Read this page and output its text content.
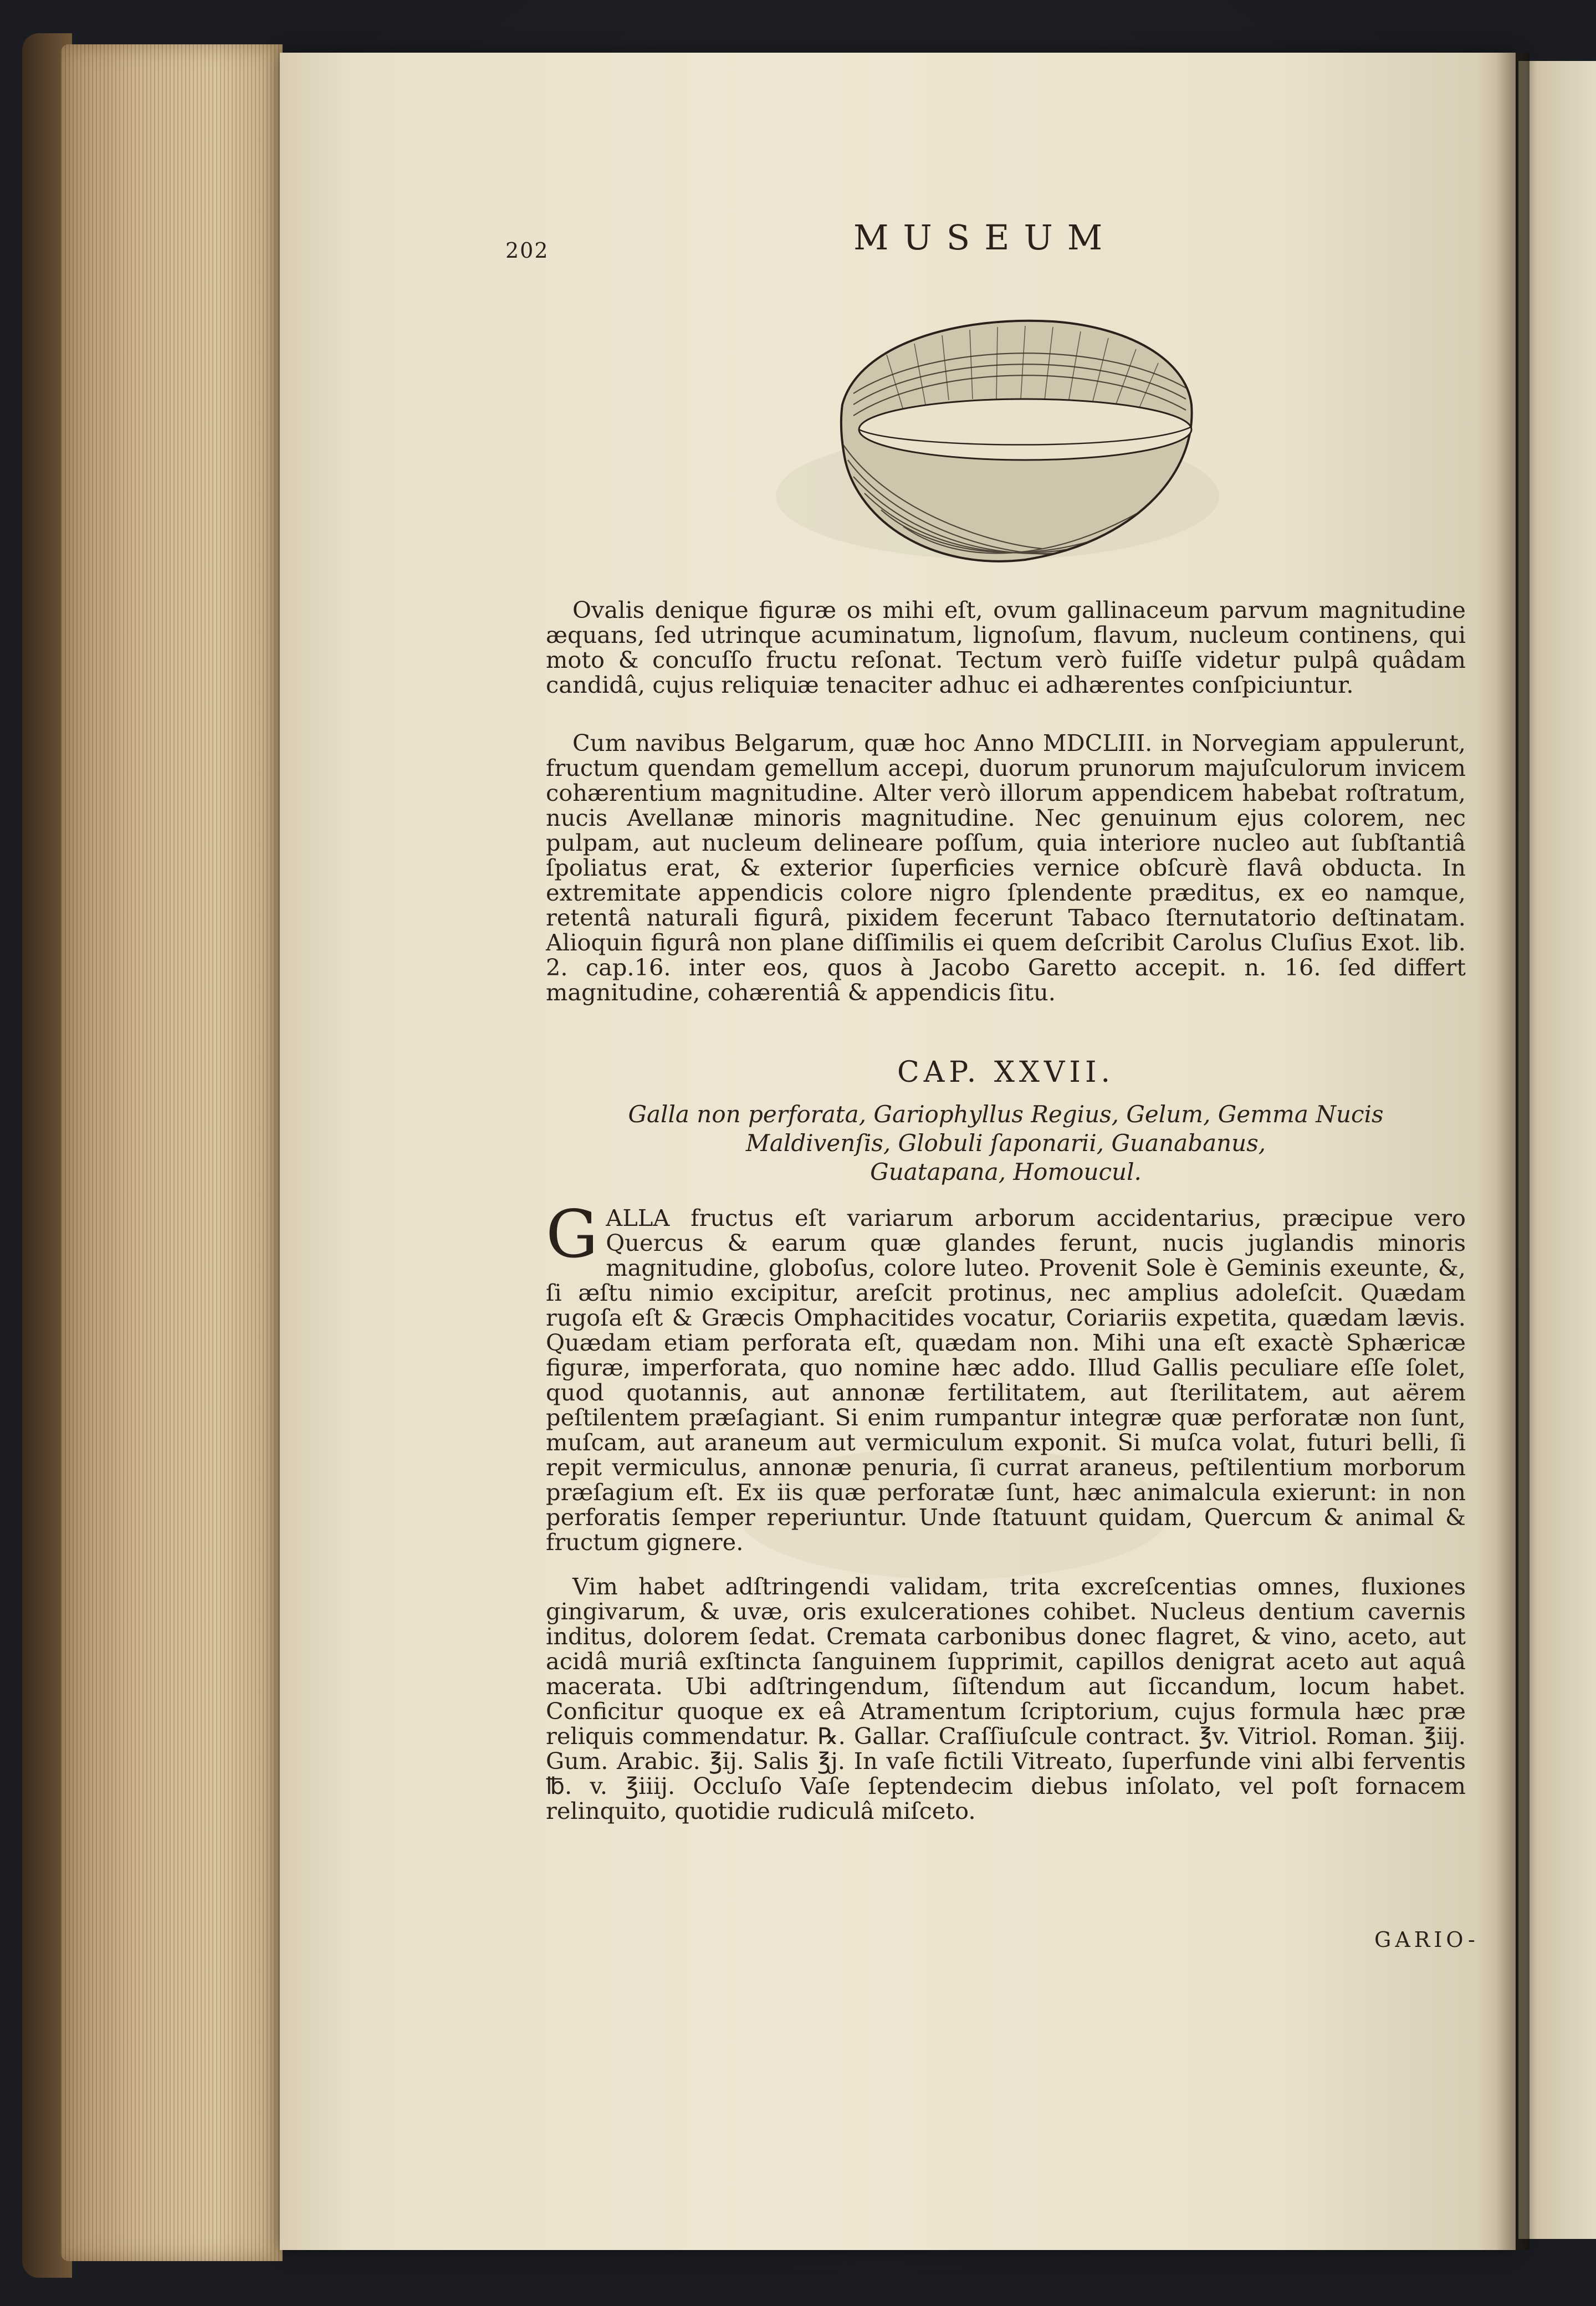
202	MUSEUM

Ovalis denique figuræ os mihi eſt, ovum gallinaceum parvum magnitudine æquans, ſed utrinque acuminatum, lignoſum, flavum, nucleum continens, qui moto & concuſſo fructu reſonat. Tectum verò fuiſſe videtur pulpâ quâdam candidâ, cujus reliquiæ tenaciter adhuc ei adhærentes conſpiciuntur.

Cum navibus Belgarum, quæ hoc Anno MDCLIII. in Norvegiam appulerunt, fructum quendam gemellum accepi, duorum prunorum majuſculorum invicem cohærentium magnitudine. Alter verò illorum appendicem habebat roſtratum, nucis Avellanæ minoris magnitudine. Nec genuinum ejus colorem, nec pulpam, aut nucleum delineare poſſum, quia interiore nucleo aut ſubſtantiâ ſpoliatus erat, & exterior ſuperficies vernice obſcurè flavâ obducta. In extremitate appendicis colore nigro ſplendente præditus, ex eo namque, retentâ naturali figurâ, pixidem fecerunt Tabaco ſternutatorio deſtinatam. Alioquin figurâ non plane diſſimilis ei quem deſcribit Carolus Cluſius Exot. lib. 2. cap.16. inter eos, quos à Jacobo Garetto accepit. n. 16. ſed differt magnitudine, cohærentiâ & appendicis ſitu.

CAP. XXVII.
Galla non perforata, Gariophyllus Regius, Gelum, Gemma Nucis
Maldivenſis, Globuli ſaponarii, Guanabanus,
Guatapana, Homoucul.
GALLA fructus eſt variarum arborum accidentarius, præcipue vero Quercus & earum quæ glandes ferunt, nucis juglandis minoris magnitudine, globoſus, colore luteo. Provenit Sole è Geminis exeunte, &, ſi æſtu nimio excipitur, areſcit protinus, nec amplius adoleſcit. Quædam rugoſa eſt & Græcis Omphacitides vocatur, Coriariis expetita, quædam lævis. Quædam etiam perforata eſt, quædam non. Mihi una eſt exactè Sphæricæ figuræ, imperforata, quo nomine hæc addo. Illud Gallis peculiare eſſe ſolet, quod quotannis, aut annonæ fertilitatem, aut ſterilitatem, aut aërem peſtilentem præſagiant. Si enim rumpantur integræ quæ perforatæ non ſunt, muſcam, aut araneum aut vermiculum exponit. Si muſca volat, futuri belli, ſi repit vermiculus, annonæ penuria, ſi currat araneus, peſtilentium morborum præſagium eſt. Ex iis quæ perforatæ ſunt, hæc animalcula exierunt: in non perforatis ſemper reperiuntur. Unde ſtatuunt quidam, Quercum & animal & fructum gignere.

Vim habet adſtringendi validam, trita excreſcentias omnes, fluxiones gingivarum, & uvæ, oris exulcerationes cohibet. Nucleus dentium cavernis inditus, dolorem ſedat. Cremata carbonibus donec flagret, & vino, aceto, aut acidâ muriâ exſtincta ſanguinem ſupprimit, capillos denigrat aceto aut aquâ macerata. Ubi adſtringendum, ſiſtendum aut ſiccandum, locum habet. Conficitur quoque ex eâ Atramentum ſcriptorium, cujus formula hæc præ reliquis commendatur. ℞. Gallar. Craſſiuſcule contract. ℥v. Vitriol. Roman. ℥iij. Gum. Arabic. ℥ij. Salis ℥j. In vaſe fictili Vitreato, ſuperfunde vini albi ferventis ℔. v. ℥iiij. Occluſo Vaſe ſeptendecim diebus inſolato, vel poſt fornacem relinquito, quotidie rudiculâ miſceto.

GARIO-
